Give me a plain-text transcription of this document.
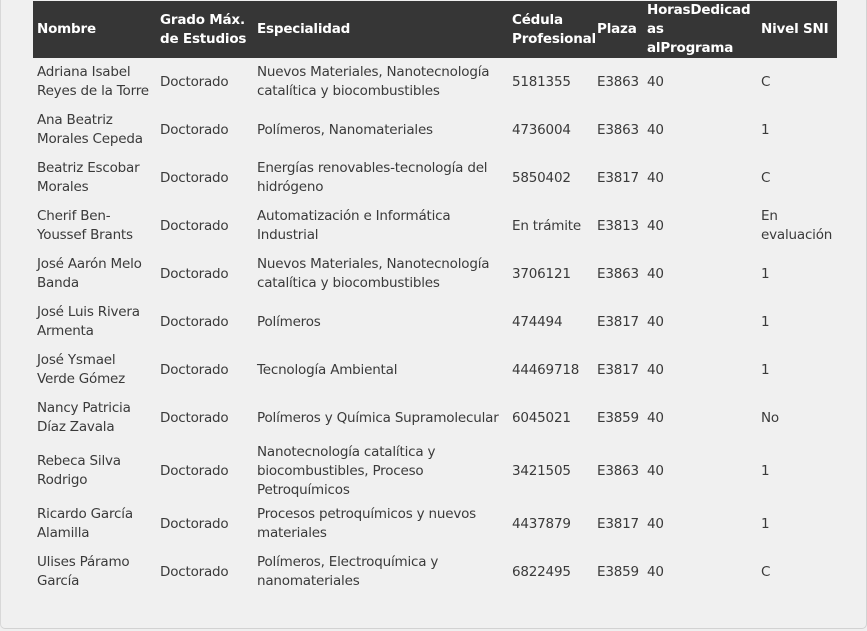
Nombre	Grado Máx. de Estudios	Especialidad	Cédula Profesional	Plaza	HorasDedicadas alPrograma	Nivel SNI
Adriana Isabel Reyes de la Torre	Doctorado	Nuevos Materiales, Nanotecnología catalítica y biocombustibles	5181355	E3863	40	C
Ana Beatriz Morales Cepeda	Doctorado	Polímeros, Nanomateriales	4736004	E3863	40	1
Beatriz Escobar Morales	Doctorado	Energías renovables-tecnología del hidrógeno	5850402	E3817	40	C
Cherif Ben-Youssef Brants	Doctorado	Automatización e Informática Industrial	En trámite	E3813	40	En evaluación
José Aarón Melo Banda	Doctorado	Nuevos Materiales, Nanotecnología catalítica y biocombustibles	3706121	E3863	40	1
José Luis Rivera Armenta	Doctorado	Polímeros	474494	E3817	40	1
José Ysmael Verde Gómez	Doctorado	Tecnología Ambiental	44469718	E3817	40	1
Nancy Patricia Díaz Zavala	Doctorado	Polímeros y Química Supramolecular	6045021	E3859	40	No
Rebeca Silva Rodrigo	Doctorado	Nanotecnología catalítica y biocombustibles, Proceso Petroquímicos	3421505	E3863	40	1
Ricardo García Alamilla	Doctorado	Procesos petroquímicos y nuevos materiales	4437879	E3817	40	1
Ulises Páramo García	Doctorado	Polímeros, Electroquímica y nanomateriales	6822495	E3859	40	C
